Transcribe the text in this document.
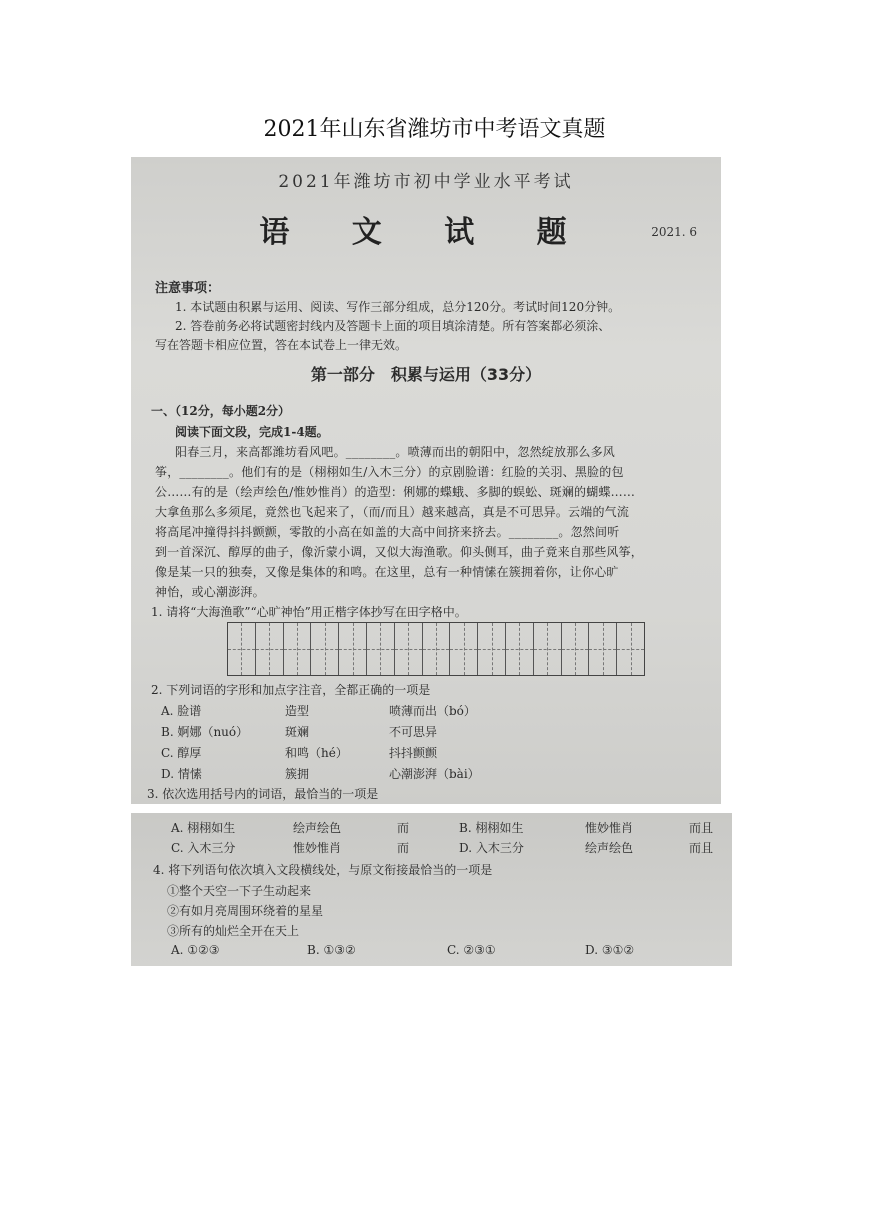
2021年山东省潍坊市中考语文真题
2021年潍坊市初中学业水平考试
语 文 试 题	2021. 6
注意事项：
1. 本试题由积累与运用、阅读、写作三部分组成，总分120分。考试时间120分钟。
2. 答卷前务必将试题密封线内及答题卡上面的项目填涂清楚。所有答案都必须涂、
写在答题卡相应位置，答在本试卷上一律无效。
第一部分　积累与运用（33分）
一、（12分，每小题2分）
阅读下面文段，完成1-4题。
阳春三月，来高都潍坊看风吧。________。喷薄而出的朝阳中，忽然绽放那么多风
筝，________。他们有的是（栩栩如生/入木三分）的京剧脸谱：红脸的关羽、黑脸的包
公……有的是（绘声绘色/惟妙惟肖）的造型：俐娜的蝶蛾、多脚的蜈蚣、斑斓的蝴蝶……
大拿鱼那么多须尾，竟然也飞起来了，（而/而且）越来越高，真是不可思异。云端的气流
将高尾冲撞得抖抖颤颤，零散的小高在如盖的大高中间挤来挤去。________。忽然间听
到一首深沉、醇厚的曲子，像沂蒙小调，又似大海渔歌。仰头侧耳，曲子竟来自那些风筝，
像是某一只的独奏，又像是集体的和鸣。在这里，总有一种情愫在簇拥着你，让你心旷
神怡，或心潮澎湃。
1. 请将“大海渔歌”“心旷神怡”用正楷字体抄写在田字格中。
2. 下列词语的字形和加点字注音，全都正确的一项是
A. 脸谱	造型	喷薄而出（bó）
B. 婀娜（nuó）	斑斓	不可思异
C. 醇厚	和鸣（hé）	抖抖颤颤
D. 情愫	簇拥	心潮澎湃（bài）
3. 依次选用括号内的词语，最恰当的一项是
A. 栩栩如生	绘声绘色	而	B. 栩栩如生	惟妙惟肖	而且
C. 入木三分	惟妙惟肖	而	D. 入木三分	绘声绘色	而且
4. 将下列语句依次填入文段横线处，与原文衔接最恰当的一项是
①整个天空一下子生动起来
②有如月亮周围环绕着的星星
③所有的灿烂全开在天上
A. ①②③	B. ①③②	C. ②③①	D. ③①②
